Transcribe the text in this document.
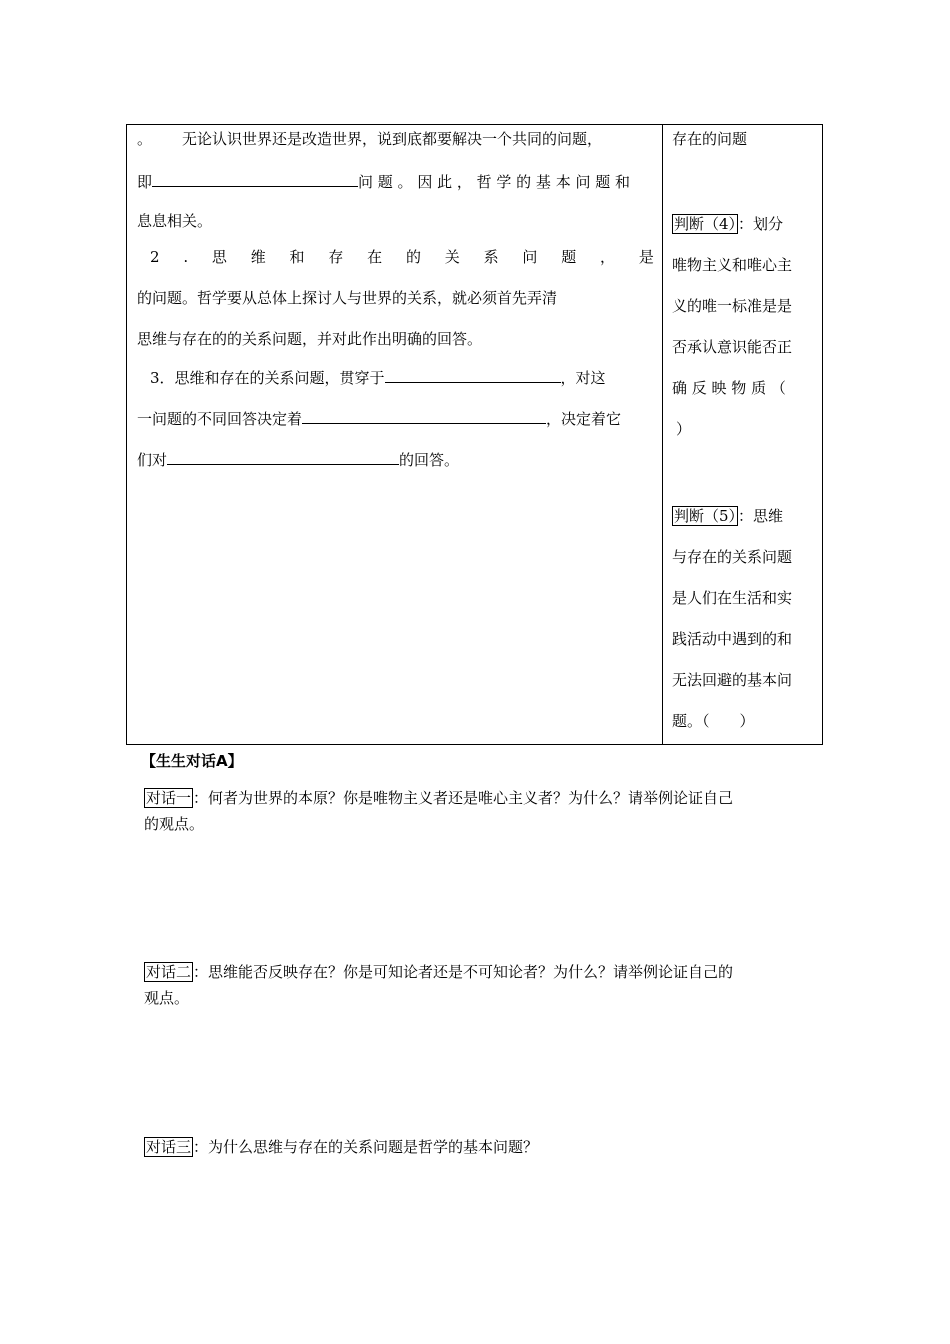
。 无论认识世界还是改造世界，说到底都要解决一个共同的问题，
即	问 题 。 因 此 ， 哲 学 的 基 本 问 题 和
息息相关。
2 . 思 维 和 存 在 的 关 系 问 题 ， 是
的问题。哲学要从总体上探讨人与世界的关系，就必须首先弄清
思维与存在的的关系问题，并对此作出明确的回答。
3．思维和存在的关系问题，贯穿于	，对这
一问题的不同回答决定着	，决定着它
们对	的回答。
存在的问题
判断（4） ：划分
唯物主义和唯心主
义的唯一标准是是
否承认意识能否正
确 反 映 物 质 （
）
判断（5） ：思维
与存在的关系问题
是人们在生活和实
践活动中遇到的和
无法回避的基本问
题。（　　）
【生生对话A】
对话一 ：何者为世界的本原？你是唯物主义者还是唯心主义者？为什么？请举例论证自己
的观点。
对话二 ：思维能否反映存在？你是可知论者还是不可知论者？为什么？请举例论证自己的
观点。
对话三 ：为什么思维与存在的关系问题是哲学的基本问题？
